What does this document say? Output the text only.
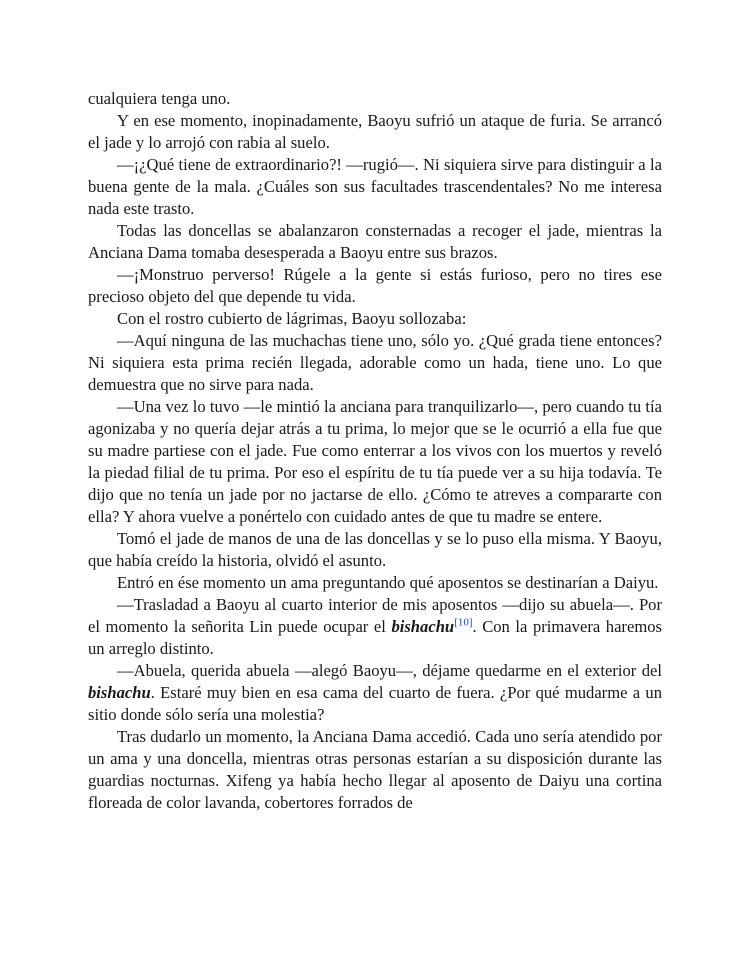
cualquiera tenga uno.

Y en ese momento, inopinadamente, Baoyu sufrió un ataque de furia. Se arrancó el jade y lo arrojó con rabia al suelo.

—¡¿Qué tiene de extraordinario?! —rugió—. Ni siquiera sirve para distinguir a la buena gente de la mala. ¿Cuáles son sus facultades trascendentales? No me interesa nada este trasto.

Todas las doncellas se abalanzaron consternadas a recoger el jade, mientras la Anciana Dama tomaba desesperada a Baoyu entre sus brazos.

—¡Monstruo perverso! Rúgele a la gente si estás furioso, pero no tires ese precioso objeto del que depende tu vida.

Con el rostro cubierto de lágrimas, Baoyu sollozaba:

—Aquí ninguna de las muchachas tiene uno, sólo yo. ¿Qué grada tiene entonces? Ni siquiera esta prima recién llegada, adorable como un hada, tiene uno. Lo que demuestra que no sirve para nada.

—Una vez lo tuvo —le mintió la anciana para tranquilizarlo—, pero cuando tu tía agonizaba y no quería dejar atrás a tu prima, lo mejor que se le ocurrió a ella fue que su madre partiese con el jade. Fue como enterrar a los vivos con los muertos y reveló la piedad filial de tu prima. Por eso el espíritu de tu tía puede ver a su hija todavía. Te dijo que no tenía un jade por no jactarse de ello. ¿Cómo te atreves a compararte con ella? Y ahora vuelve a ponértelo con cuidado antes de que tu madre se entere.

Tomó el jade de manos de una de las doncellas y se lo puso ella misma. Y Baoyu, que había creído la historia, olvidó el asunto.

Entró en ése momento un ama preguntando qué aposentos se destinarían a Daiyu.

—Trasladad a Baoyu al cuarto interior de mis aposentos —dijo su abuela—. Por el momento la señorita Lin puede ocupar el bishachu[10]. Con la primavera haremos un arreglo distinto.

—Abuela, querida abuela —alegó Baoyu—, déjame quedarme en el exterior del bishachu. Estaré muy bien en esa cama del cuarto de fuera. ¿Por qué mudarme a un sitio donde sólo sería una molestia?

Tras dudarlo un momento, la Anciana Dama accedió. Cada uno sería atendido por un ama y una doncella, mientras otras personas estarían a su disposición durante las guardias nocturnas. Xifeng ya había hecho llegar al aposento de Daiyu una cortina floreada de color lavanda, cobertores forrados de
